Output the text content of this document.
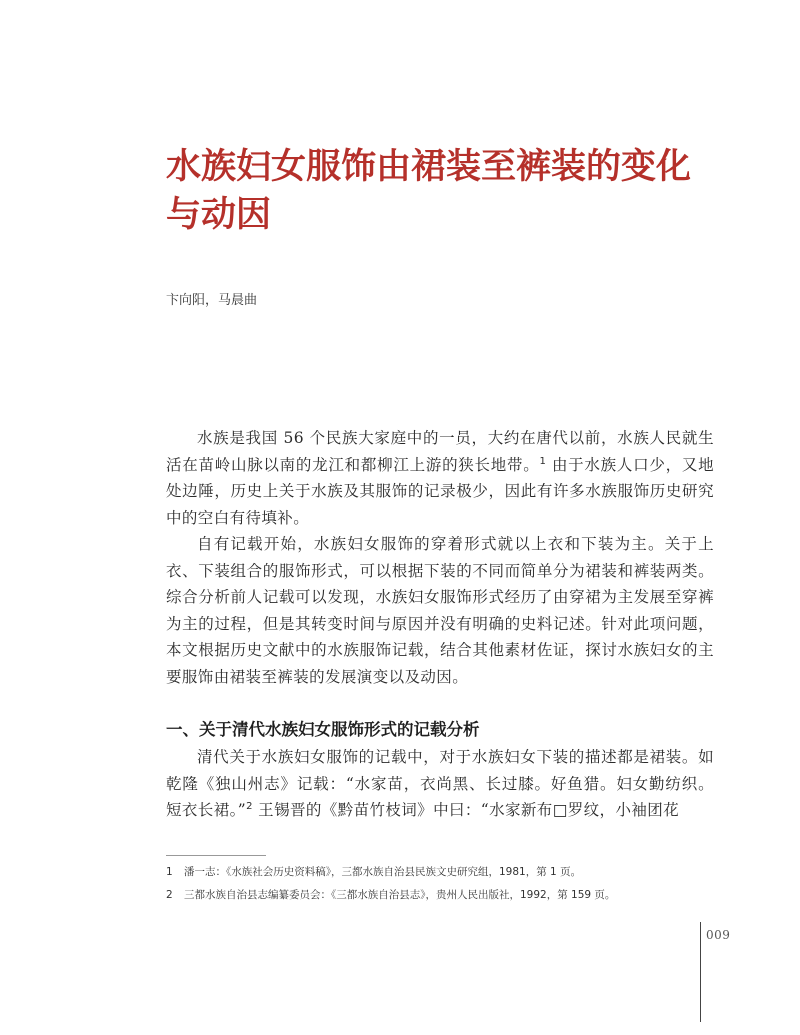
水族妇女服饰由裙装至裤装的变化
与动因
卞向阳，马晨曲

水族是我国 56 个民族大家庭中的一员，大约在唐代以前，水族人民就生活在苗岭山脉以南的龙江和都柳江上游的狭长地带。$^1$ 由于水族人口少，又地处边陲，历史上关于水族及其服饰的记录极少，因此有许多水族服饰历史研究中的空白有待填补。

自有记载开始，水族妇女服饰的穿着形式就以上衣和下装为主。关于上衣、下装组合的服饰形式，可以根据下装的不同而简单分为裙装和裤装两类。综合分析前人记载可以发现，水族妇女服饰形式经历了由穿裙为主发展至穿裤为主的过程，但是其转变时间与原因并没有明确的史料记述。针对此项问题，本文根据历史文献中的水族服饰记载，结合其他素材佐证，探讨水族妇女的主要服饰由裙装至裤装的发展演变以及动因。

一、关于清代水族妇女服饰形式的记载分析

清代关于水族妇女服饰的记载中，对于水族妇女下装的描述都是裙装。如乾隆《独山州志》记载：“水家苗，衣尚黑、长过膝。好鱼猎。妇女勤纺织。短衣长裙。”$^2$ 王锡晋的《黔苗竹枝词》中曰：“水家新布□罗纹，小袖团花

1 潘一志：《水族社会历史资料稿》，三都水族自治县民族文史研究组，1981，第 1 页。
2 三都水族自治县志编纂委员会：《三都水族自治县志》，贵州人民出版社，1992，第 159 页。
009
